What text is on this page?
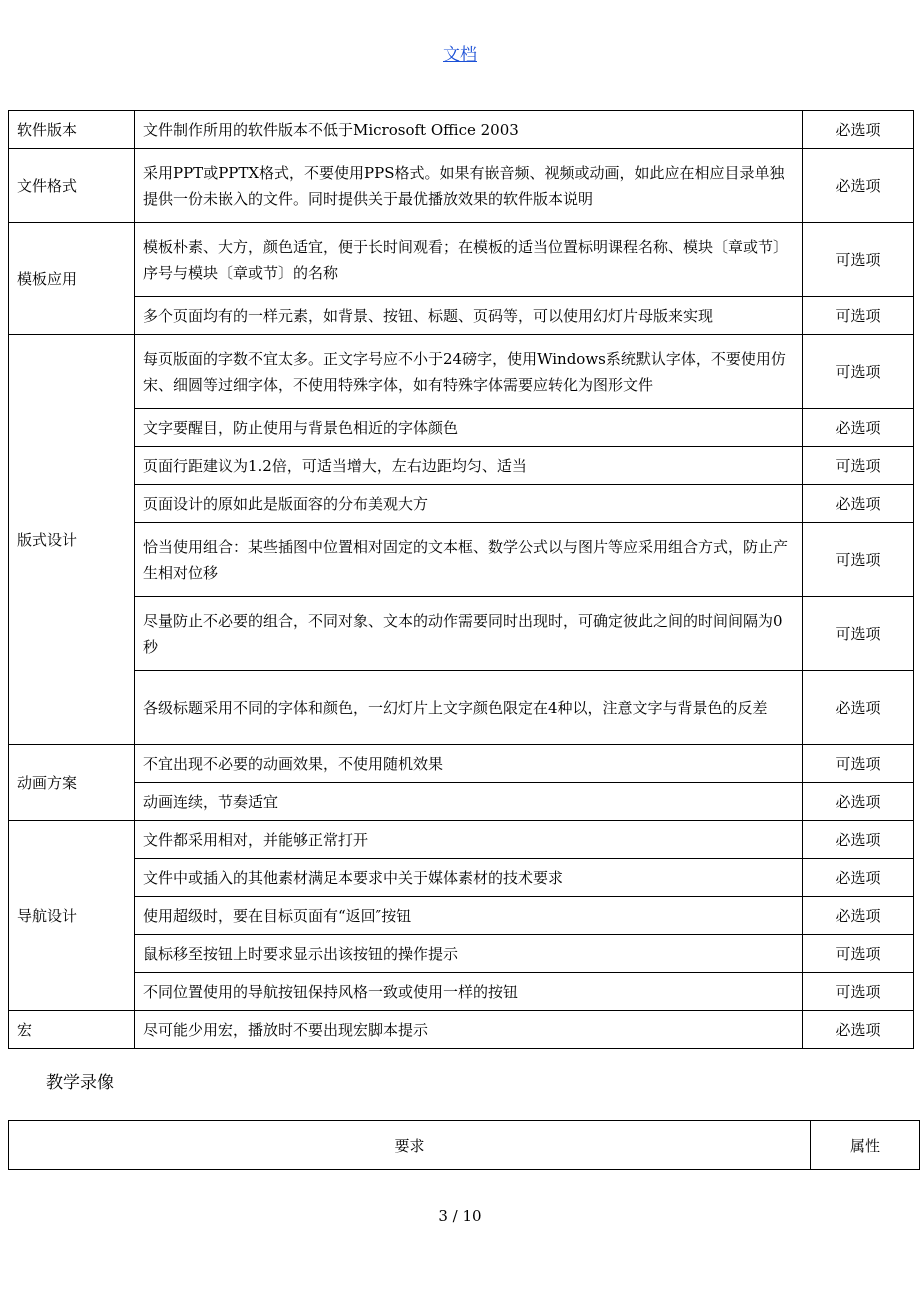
文档
软件版本	文件制作所用的软件版本不低于Microsoft Office 2003	必选项
文件格式	采用PPT或PPTX格式，不要使用PPS格式。如果有嵌音频、视频或动画，如此应在相应目录单独提供一份未嵌入的文件。同时提供关于最优播放效果的软件版本说明	必选项
模板应用	模板朴素、大方，颜色适宜，便于长时间观看；在模板的适当位置标明课程名称、模块〔章或节〕序号与模块〔章或节〕的名称	可选项
	多个页面均有的一样元素，如背景、按钮、标题、页码等，可以使用幻灯片母版来实现	可选项
版式设计	每页版面的字数不宜太多。正文字号应不小于24磅字，使用Windows系统默认字体，不要使用仿宋、细圆等过细字体，不使用特殊字体，如有特殊字体需要应转化为图形文件	可选项
	文字要醒目，防止使用与背景色相近的字体颜色	必选项
	页面行距建议为1.2倍，可适当增大，左右边距均匀、适当	可选项
	页面设计的原如此是版面容的分布美观大方	必选项
	恰当使用组合：某些插图中位置相对固定的文本框、数学公式以与图片等应采用组合方式，防止产生相对位移	可选项
	尽量防止不必要的组合，不同对象、文本的动作需要同时出现时，可确定彼此之间的时间间隔为0秒	可选项
	各级标题采用不同的字体和颜色，一幻灯片上文字颜色限定在4种以，注意文字与背景色的反差	必选项
动画方案	不宜出现不必要的动画效果，不使用随机效果	可选项
	动画连续，节奏适宜	必选项
导航设计	文件都采用相对，并能够正常打开	必选项
	文件中或插入的其他素材满足本要求中关于媒体素材的技术要求	必选项
	使用超级时，要在目标页面有“返回″按钮	必选项
	鼠标移至按钮上时要求显示出该按钮的操作提示	可选项
	不同位置使用的导航按钮保持风格一致或使用一样的按钮	可选项
宏	尽可能少用宏，播放时不要出现宏脚本提示	必选项
教学录像
要求	属性
3 / 10
